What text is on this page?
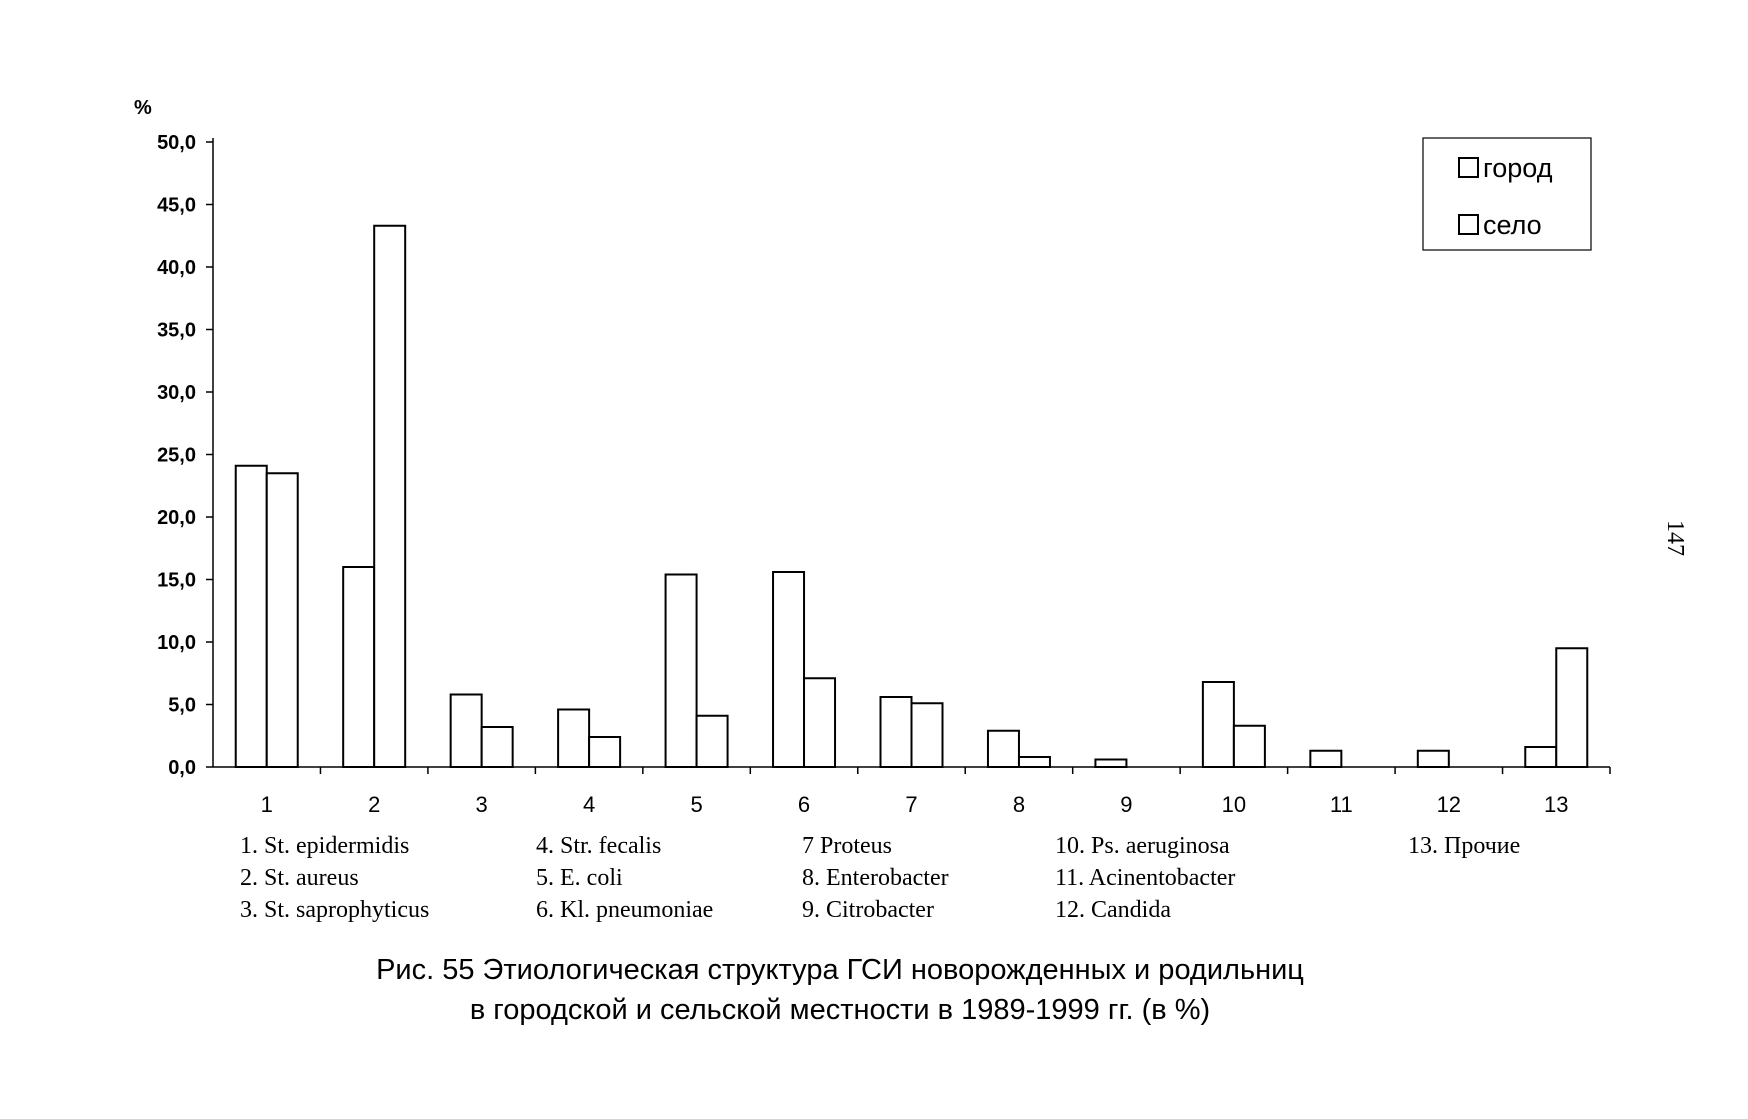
0,0
5,0
10,0
15,0
20,0
25,0
30,0
35,0
40,0
45,0
50,0
%
1	2	3	4	5	6	7	8	9	10	11	12	13
город
село
1. St. epidermidis
2. St. aureus
3. St. saprophyticus
4. Str. fecalis
5. E. coli
6. Kl. pneumoniae
7 Proteus
8. Enterobacter
9. Citrobacter
10. Ps. aeruginosa
11. Acinentobacter
12. Candida
13. Прочие
Рис. 55 Этиологическая структура ГСИ новорожденных и родильниц
в городской и сельской местности в 1989-1999 гг. (в %)
147
